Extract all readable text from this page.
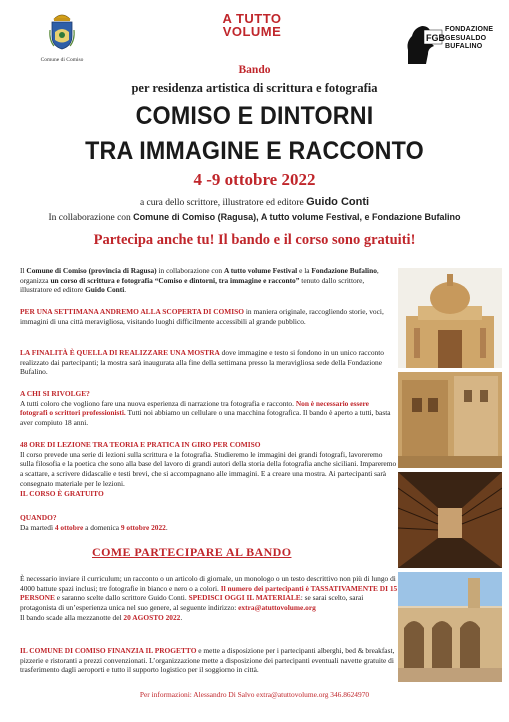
Comune di Comiso
A TUTTO
VOLUME	FGB
FONDAZIONE
GESUALDO
BUFALINO
Bando
per residenza artistica di scrittura e fotografia
COMISO E DINTORNI
TRA IMMAGINE E RACCONTO
4 -9 ottobre 2022
a cura dello scrittore, illustratore ed editore Guido Conti
In collaborazione con Comune di Comiso (Ragusa), A tutto volume Festival, e Fondazione Bufalino
Partecipa anche tu! Il bando e il corso sono gratuiti!
Il Comune di Comiso (provincia di Ragusa) in collaborazione con A tutto volume Festival e la Fondazione Bufalino, organizza un corso di scrittura e fotografia “Comiso e dintorni, tra immagine e racconto” tenuto dallo scrittore, illustratore ed editore Guido Conti.
PER UNA SETTIMANA ANDREMO ALLA SCOPERTA DI COMISO in maniera originale, raccogliendo storie, voci, immagini di una città meravigliosa, visitando luoghi difficilmente accessibili al grande pubblico.
LA FINALITÀ È QUELLA DI REALIZZARE UNA MOSTRA dove immagine e testo si fondono in un unico racconto realizzato dai partecipanti; la mostra sarà inaugurata alla fine della settimana presso la meravigliosa sede della Fondazione Bufalino.
A CHI SI RIVOLGE?
A tutti coloro che vogliono fare una nuova esperienza di narrazione tra fotografia e racconto. Non è necessario essere fotografi o scrittori professionisti. Tutti noi abbiamo un cellulare o una macchina fotografica. Il bando è aperto a tutti, basta aver compiuto 18 anni.
48 ORE DI LEZIONE TRA TEORIA E PRATICA IN GIRO PER COMISO
Il corso prevede una serie di lezioni sulla scrittura e la fotografia. Studieremo le immagini dei grandi fotografi, lavoreremo sulla filosofia e la poetica che sono alla base del lavoro di grandi autori della storia della fotografia anche siciliani. Impareremo a scattare, a scrivere didascalie e testi brevi, che si accompagnano alle immagini. E a creare una mostra. Ai partecipanti sarà consegnato materiale per le lezioni.
IL CORSO È GRATUITO
QUANDO?
Da martedì 4 ottobre a domenica 9 ottobre 2022.
COME PARTECIPARE AL BANDO
È necessario inviare il curriculum; un racconto o un articolo di giornale, un monologo o un testo descrittivo non più di lungo di 4000 battute spazi inclusi; tre fotografie in bianco e nero o a colori. Il numero dei partecipanti è TASSATIVAMENTE DI 15 PERSONE e saranno scelte dallo scrittore Guido Conti. SPEDISCI OGGI IL MATERIALE: se sarai scelto, sarai protagonista di un’esperienza unica nel suo genere, al seguente indirizzo: extra@atuttovolume.org
Il bando scade alla mezzanotte del 20 AGOSTO 2022.
IL COMUNE DI COMISO FINANZIA IL PROGETTO e mette a disposizione per i partecipanti alberghi, bed & breakfast, pizzerie e ristoranti a prezzi convenzionati. L’organizzazione mette a disposizione dei partecipanti eventuali navette gratuite di trasferimento dagli aeroporti e tutto il supporto logistico per il soggiorno in città.
Per informazioni: Alessandro Di Salvo extra@atuttovolume.org 346.8624970
